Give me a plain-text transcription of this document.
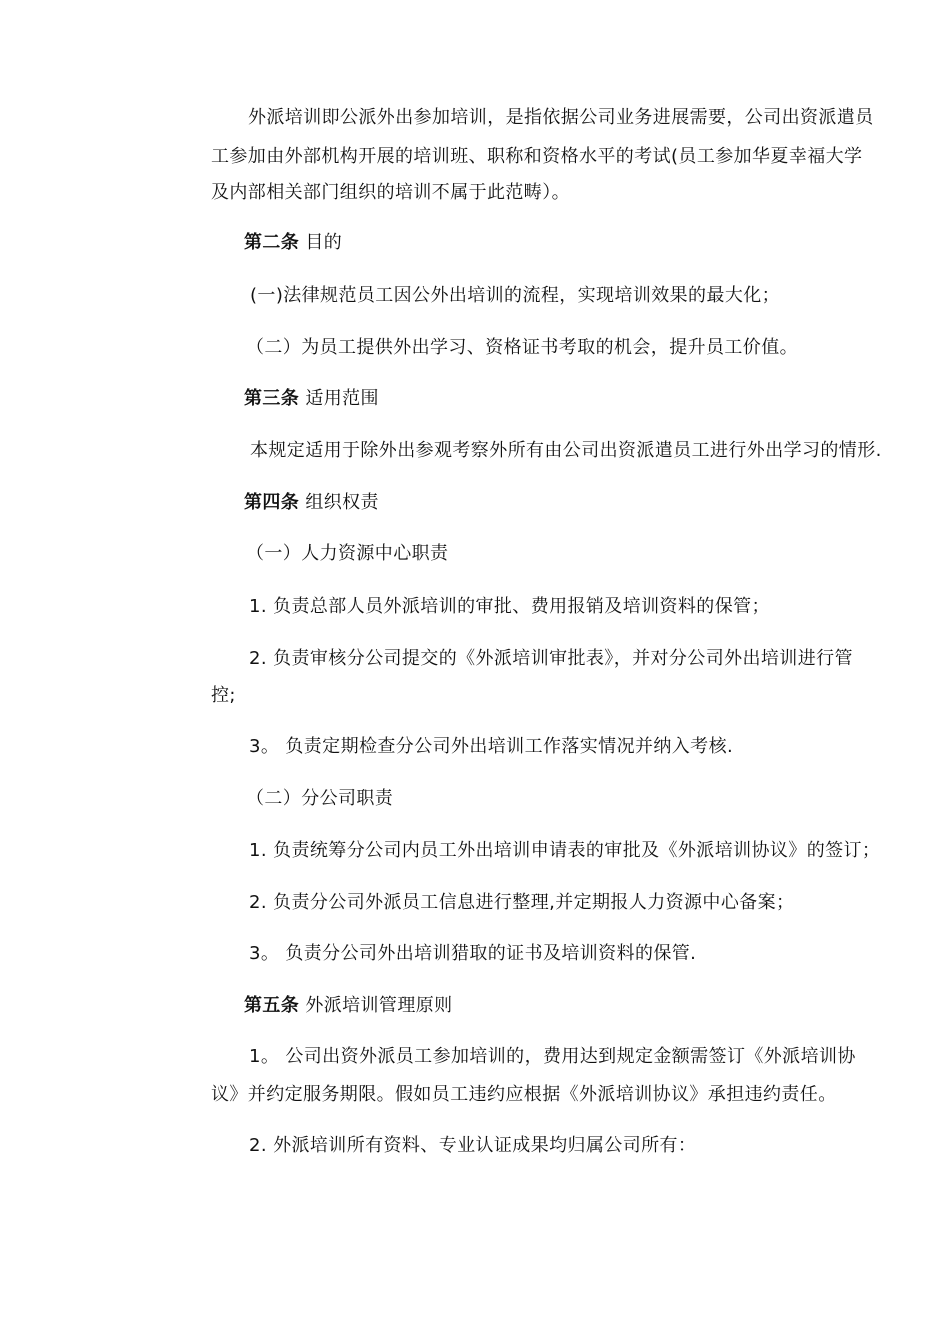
外派培训即公派外出参加培训，是指依据公司业务进展需要，公司出资派遣员
工参加由外部机构开展的培训班、职称和资格水平的考试(员工参加华夏幸福大学
及内部相关部门组织的培训不属于此范畴）。
第二条 目的
(一)法律规范员工因公外出培训的流程，实现培训效果的最大化；
（二）为员工提供外出学习、资格证书考取的机会，提升员工价值。
第三条 适用范围
本规定适用于除外出参观考察外所有由公司出资派遣员工进行外出学习的情形.
第四条 组织权责
（一）人力资源中心职责
1. 负责总部人员外派培训的审批、费用报销及培训资料的保管；
2. 负责审核分公司提交的《外派培训审批表》，并对分公司外出培训进行管
控;
3。 负责定期检查分公司外出培训工作落实情况并纳入考核.
（二）分公司职责
1. 负责统筹分公司内员工外出培训申请表的审批及《外派培训协议》的签订；
2. 负责分公司外派员工信息进行整理,并定期报人力资源中心备案；
3。 负责分公司外出培训猎取的证书及培训资料的保管.
第五条 外派培训管理原则
1。 公司出资外派员工参加培训的，费用达到规定金额需签订《外派培训协
议》并约定服务期限。假如员工违约应根据《外派培训协议》承担违约责任。
2. 外派培训所有资料、专业认证成果均归属公司所有：
